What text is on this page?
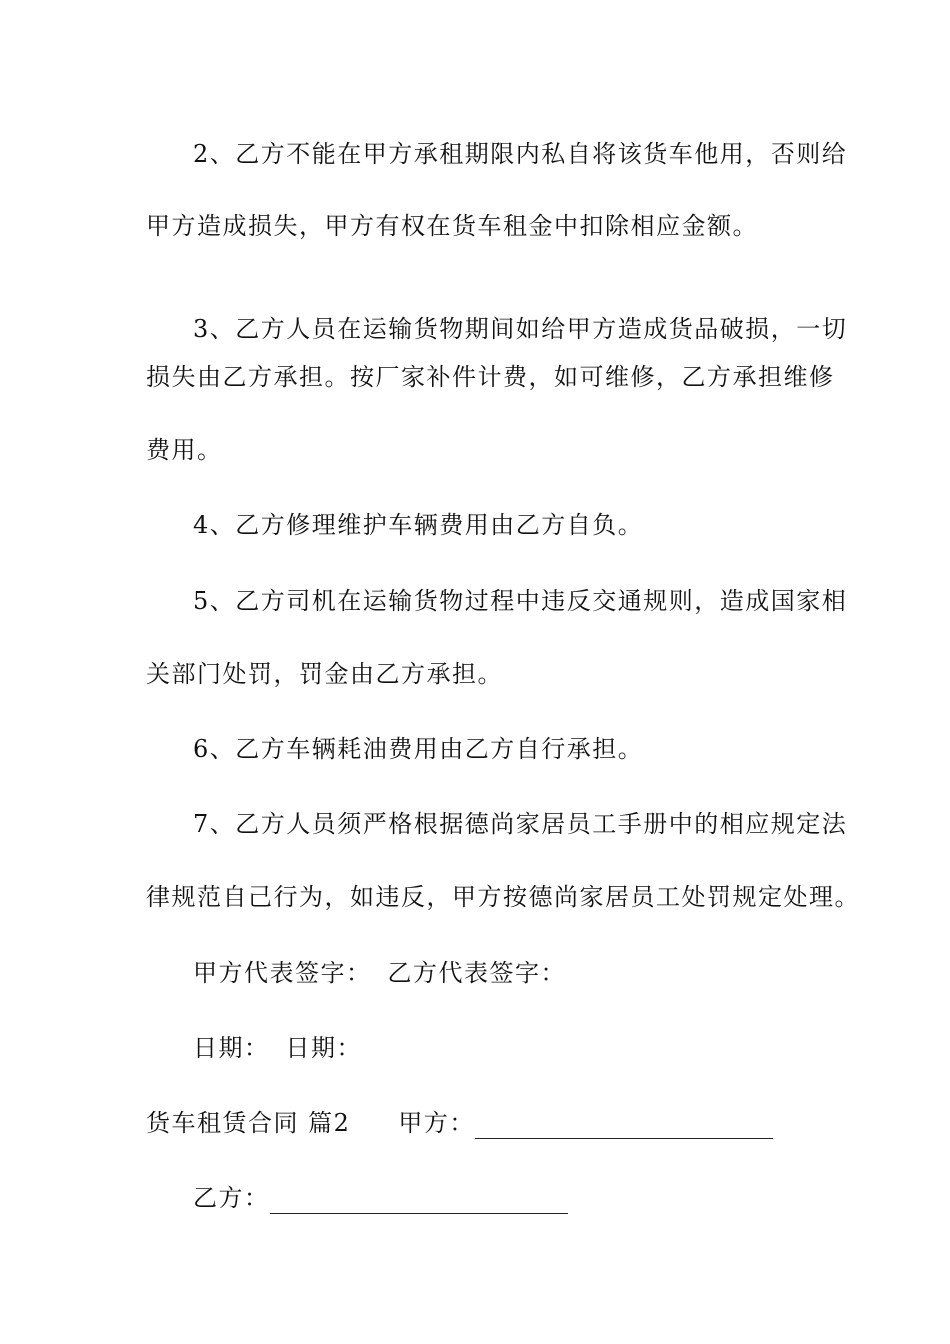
2、乙方不能在甲方承租期限内私自将该货车他用，否则给
甲方造成损失，甲方有权在货车租金中扣除相应金额。
3、乙方人员在运输货物期间如给甲方造成货品破损，一切
损失由乙方承担。按厂家补件计费，如可维修，乙方承担维修
费用。
4、乙方修理维护车辆费用由乙方自负。
5、乙方司机在运输货物过程中违反交通规则，造成国家相
关部门处罚，罚金由乙方承担。
6、乙方车辆耗油费用由乙方自行承担。
7、乙方人员须严格根据德尚家居员工手册中的相应规定法
律规范自己行为，如违反，甲方按德尚家居员工处罚规定处理。
甲方代表签字： 乙方代表签字：
日期： 日期：
货车租赁合同 篇2 甲方：
乙方：
